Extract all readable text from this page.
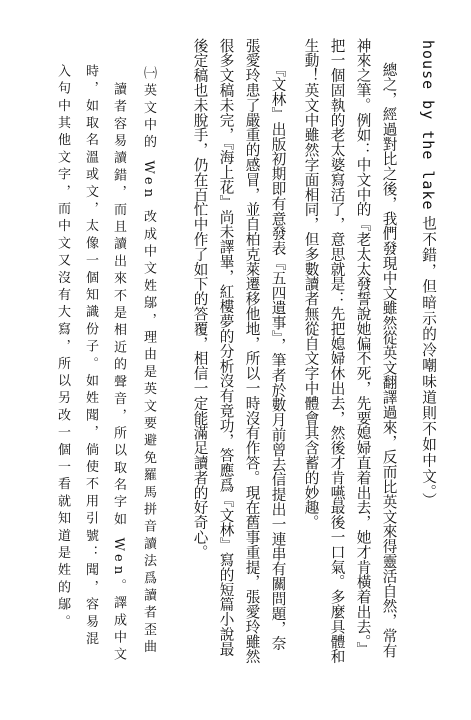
house by the lake 也不錯，但暗示的冷嘲味道則不如中文。）
總之，經過對比之後，我們發現中文雖然從英文翻譯過來，反而比英文來得靈活自然，常有
神來之筆。例如：中文中的『老太太發誓說她偏不死，先要媳婦直着出去，她才肯橫着出去。』
把一個固執的老太婆寫活了，意思就是：先把媳婦休出去，然後才肯嚥最後一口氣。多麼具體和
生動！英文中雖然字面相同，但多數讀者無從自文字中體會其含蓄的妙趣。
『文林』出版初期即有意發表『五四遺事』，筆者於數月前曾去信提出一連串有關問題，奈
張愛玲患了嚴重的感冒，並自柏克萊遷移他地，所以一時沒有作答。現在舊事重提，張愛玲雖然
很多文稿未完，『海上花』尚未譯畢，紅樓夢的分析沒有竟功，答應爲『文林』寫的短篇小說最
後定稿也未脫手，仍在百忙中作了如下的答覆，相信一定能滿足讀者的好奇心。
㈠英文中的 Wen 改成中文姓鄔，理由是英文要避免羅馬拼音讀法爲讀者歪曲
讀者容易讀錯，而且讀出來不是相近的聲音，所以取名字如 Wen。譯成中文
時，如取名溫或文，太像一個知識份子。如姓聞，倘使不用引號：聞，容易混
入句中其他文字，而中文又沒有大寫，所以另改一個一看就知道是姓的鄔。
